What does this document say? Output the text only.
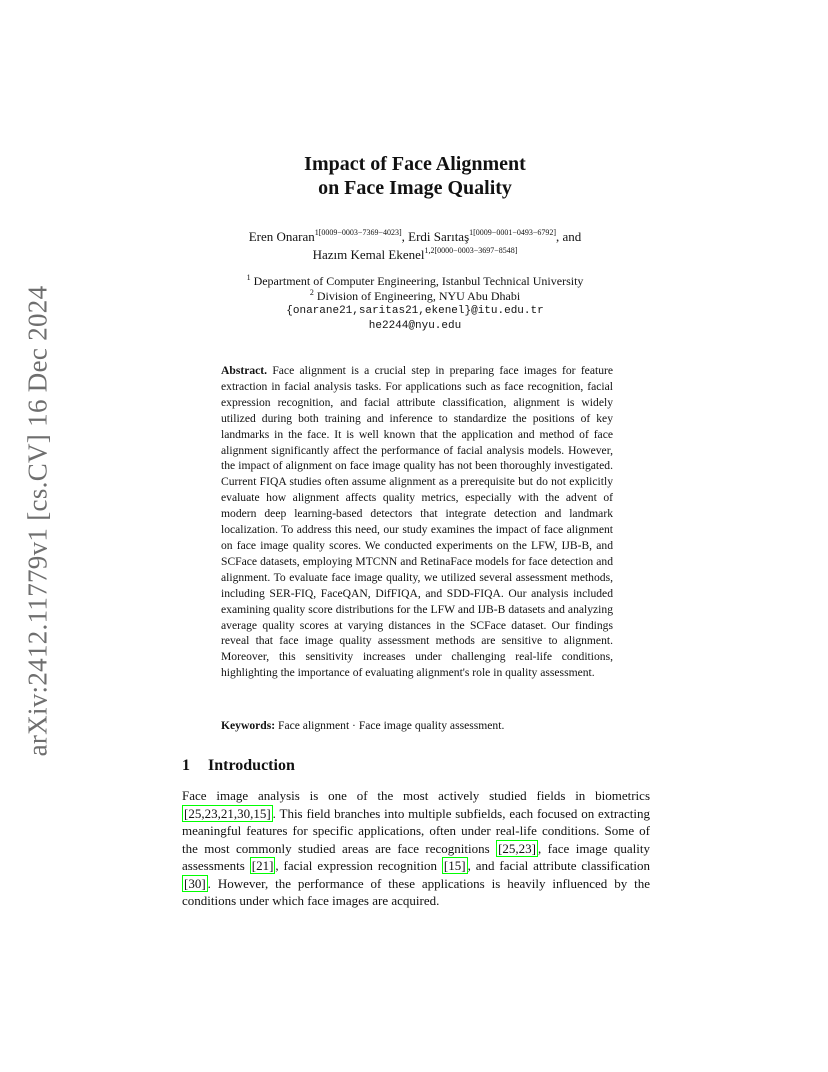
arXiv:2412.11779v1 [cs.CV] 16 Dec 2024
Impact of Face Alignment
on Face Image Quality
Eren Onaran$^{1[0009-0003-7369-4023]}$, Erdi Sarıtaş$^{1[0009-0001-0493-6792]}$, and
Hazım Kemal Ekenel$^{1,2[0000-0003-3697-8548]}$
$^1$ Department of Computer Engineering, Istanbul Technical University
$^2$ Division of Engineering, NYU Abu Dhabi
{onarane21,saritas21,ekenel}@itu.edu.tr
he2244@nyu.edu
Abstract. Face alignment is a crucial step in preparing face images for feature extraction in facial analysis tasks. For applications such as face recognition, facial expression recognition, and facial attribute classification, alignment is widely utilized during both training and inference to standardize the positions of key landmarks in the face. It is well known that the application and method of face alignment significantly affect the performance of facial analysis models. However, the impact of alignment on face image quality has not been thoroughly investigated. Current FIQA studies often assume alignment as a prerequisite but do not explicitly evaluate how alignment affects quality metrics, especially with the advent of modern deep learning-based detectors that integrate detection and landmark localization. To address this need, our study examines the impact of face alignment on face image quality scores. We conducted experiments on the LFW, IJB-B, and SCFace datasets, employing MTCNN and RetinaFace models for face detection and alignment. To evaluate face image quality, we utilized several assessment methods, including SER-FIQ, FaceQAN, DifFIQA, and SDD-FIQA. Our analysis included examining quality score distributions for the LFW and IJB-B datasets and analyzing average quality scores at varying distances in the SCFace dataset. Our findings reveal that face image quality assessment methods are sensitive to alignment. Moreover, this sensitivity increases under challenging real-life conditions, highlighting the importance of evaluating alignment's role in quality assessment.
Keywords: Face alignment · Face image quality assessment.
1 Introduction
Face image analysis is one of the most actively studied fields in biometrics [25,23,21,30,15] . This field branches into multiple subfields, each focused on extracting meaningful features for specific applications, often under real-life conditions. Some of the most commonly studied areas are face recognitions [25,23] , face image quality assessments [21] , facial expression recognition [15] , and facial attribute classification [30] . However, the performance of these applications is heavily influenced by the conditions under which face images are acquired.
